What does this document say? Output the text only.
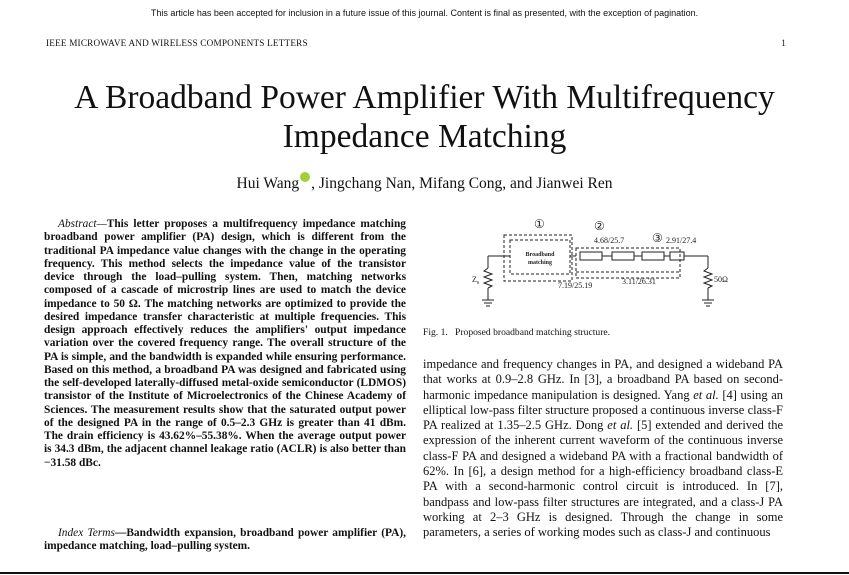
This article has been accepted for inclusion in a future issue of this journal. Content is final as presented, with the exception of pagination.
IEEE MICROWAVE AND WIRELESS COMPONENTS LETTERS	1
A Broadband Power Amplifier With Multifrequency
Impedance Matching
Hui Wang , Jingchang Nan, Mifang Cong, and Jianwei Ren

Abstract—This letter proposes a multifrequency impedance matching broadband power amplifier (PA) design, which is different from the traditional PA impedance value changes with the change in the operating frequency. This method selects the impedance value of the transistor device through the load–pulling system. Then, matching networks composed of a cascade of microstrip lines are used to match the device impedance to 50 Ω. The matching networks are optimized to provide the desired impedance transfer characteristic at multiple frequencies. This design approach effectively reduces the amplifiers' output impedance variation over the covered frequency range. The overall structure of the PA is simple, and the bandwidth is expanded while ensuring performance. Based on this method, a broadband PA was designed and fabricated using the self-developed laterally-diffused metal-oxide semiconductor (LDMOS) transistor of the Institute of Microelectronics of the Chinese Academy of Sciences. The measurement results show that the saturated output power of the designed PA in the range of 0.5–2.3 GHz is greater than 41 dBm. The drain efficiency is 43.62%–55.38%. When the average output power is 34.3 dBm, the adjacent channel leakage ratio (ACLR) is also better than −31.58 dBc.

Index Terms—Bandwidth expansion, broadband power amplifier (PA), impedance matching, load–pulling system.

①	②
③
Broadband
matching
$Z_s$
4.68/25.7	2.91/27.4
7.19/25.19	3.11/26.31	50Ω
Fig. 1.   Proposed broadband matching structure.

impedance and frequency changes in PA, and designed a wideband PA that works at 0.9–2.8 GHz. In [3], a broadband PA based on second-harmonic impedance manipulation is designed. Yang et al. [4] using an elliptical low-pass filter structure proposed a continuous inverse class-F PA realized at 1.35–2.5 GHz. Dong et al. [5] extended and derived the expression of the inherent current waveform of the continuous inverse class-F PA and designed a wideband PA with a fractional bandwidth of 62%. In [6], a design method for a high-efficiency broadband class-E PA with a second-harmonic control circuit is introduced. In [7], bandpass and low-pass filter structures are integrated, and a class-J PA working at 2–3 GHz is designed. Through the change in some parameters, a series of working modes such as class-J and continuous
